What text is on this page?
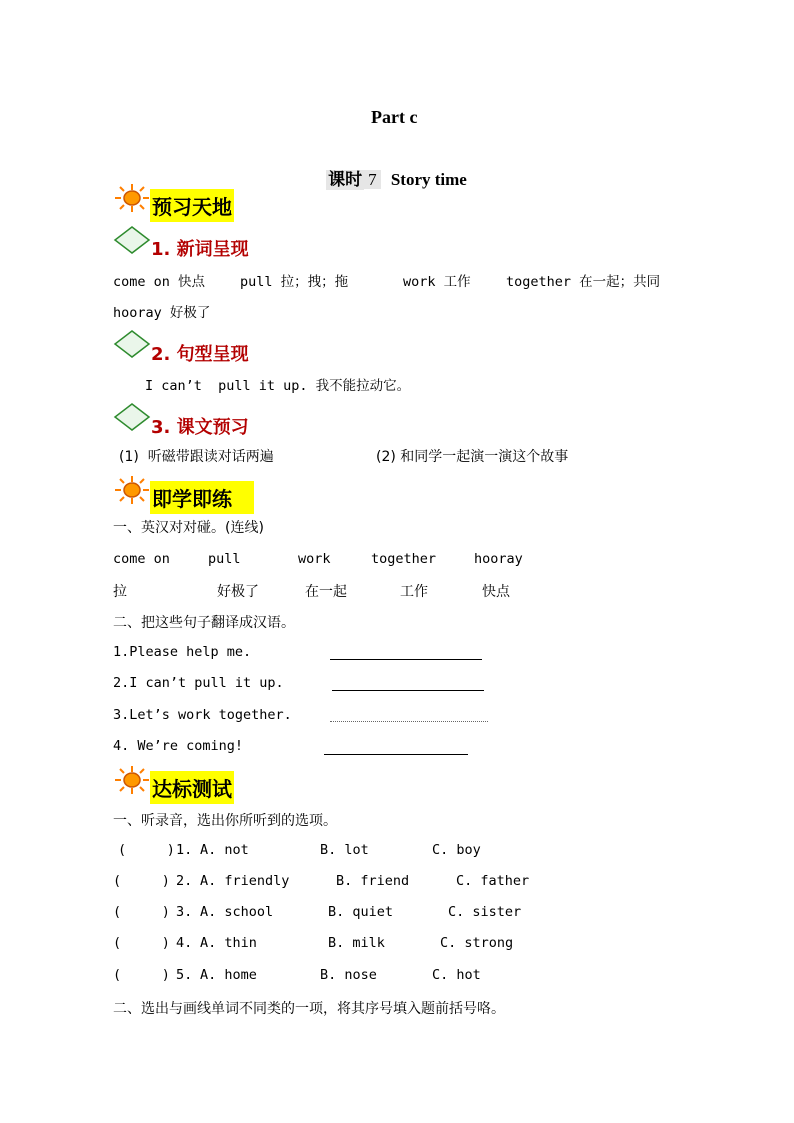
Part c

课时 7 Story time

预习天地
1. 新词呈现
come on 快点	pull 拉；拽；拖	work 工作	together 在一起；共同
hooray 好极了
2. 句型呈现
I can’t  pull it up. 我不能拉动它。
3. 课文预习
(1)  听磁带跟读对话两遍	(2) 和同学一起演一演这个故事
即学即练
一、英汉对对碰。(连线)
come on	pull	work	together	hooray
拉	好极了	在一起	工作	快点
二、把这些句子翻译成汉语。
1.Please help me.
2.I can’t pull it up.
3.Let’s work together.
4. We’re coming!
达标测试
一、听录音，选出你所听到的选项。
(     ) 1. A. not	B. lot	C. boy
(     ) 2. A. friendly	B. friend	C. father
(     ) 3. A. school	B. quiet	C. sister
(     ) 4. A. thin	B. milk	C. strong
(     ) 5. A. home	B. nose	C. hot
二、选出与画线单词不同类的一项，将其序号填入题前括号咯。
